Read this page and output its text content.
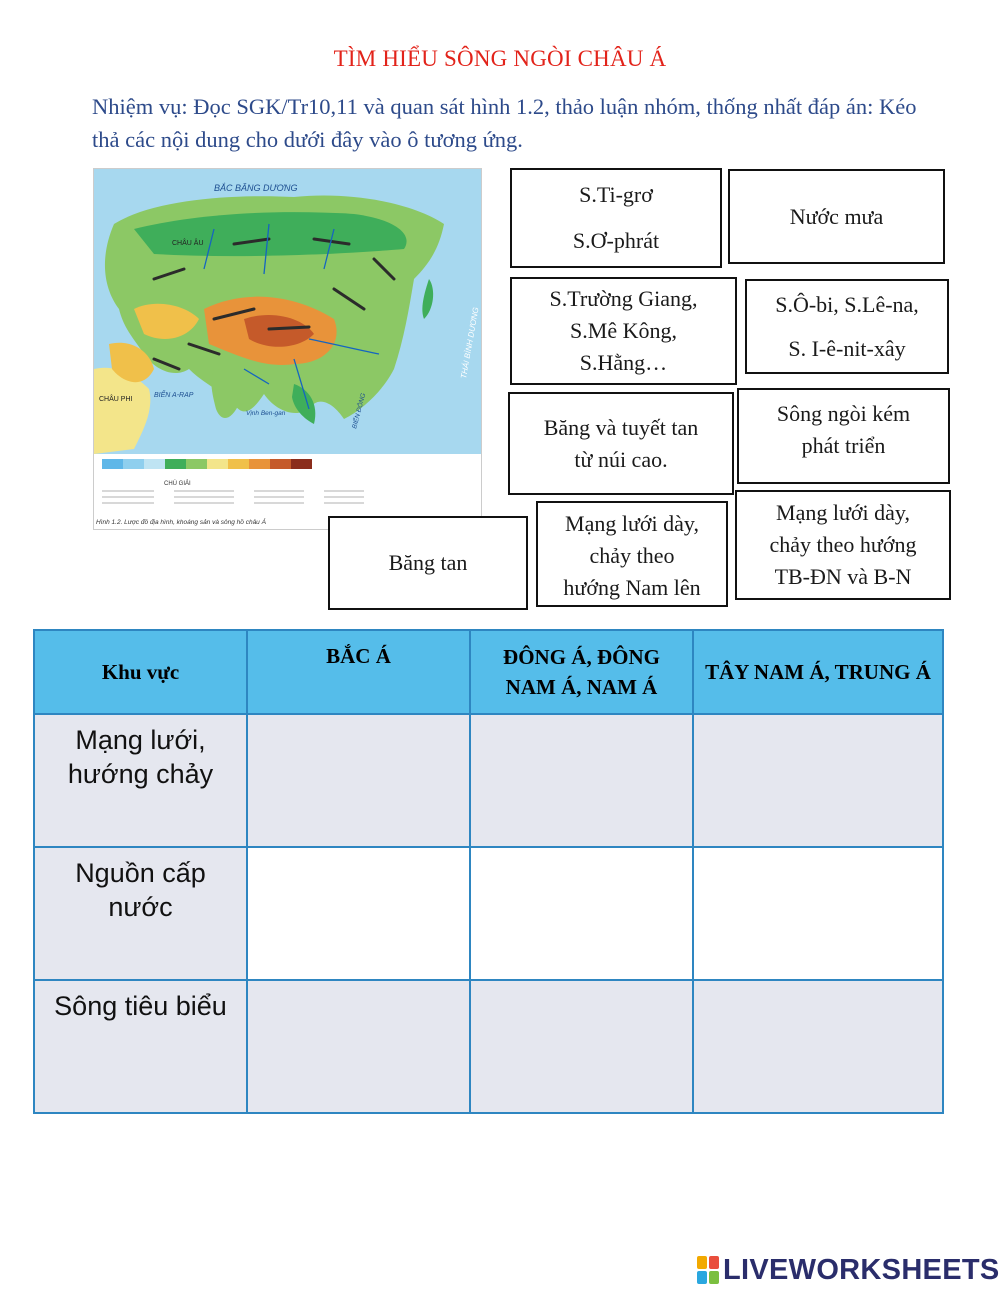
TÌM HIỂU SÔNG NGÒI CHÂU Á
Nhiệm vụ: Đọc SGK/Tr10,11 và quan sát hình 1.2, thảo luận nhóm, thống nhất đáp án: Kéo thả các nội dung cho dưới đây vào ô tương ứng.
BẮC BĂNG DƯƠNG
CHÂU ÂU
CHÂU PHI
BIỂN A-RAP
Vịnh Ben-gan	BIỂN ĐÔNG
THÁI BÌNH DƯƠNG
CHÚ GIẢI
Hình 1.2. Lược đồ địa hình, khoáng sản và sông hồ châu Á
S.Ti-grơ
S.Ơ-phrát
Nước mưa
S.Trường Giang,
S.Mê Kông,
S.Hằng…
S.Ô-bi, S.Lê-na,
S. I-ê-nit-xây
Băng và tuyết tan
từ núi cao.
Sông ngòi kém
phát triển
Mạng lưới dày,
chảy theo hướng
TB-ĐN và B-N
Mạng lưới dày,
chảy theo
hướng Nam lên
Băng tan
Khu vực	BẮC Á	ĐÔNG Á, ĐÔNG NAM Á, NAM Á	TÂY NAM Á, TRUNG Á
Mạng lưới, hướng chảy			
Nguồn cấp nước			
Sông tiêu biểu			
LIVEWORKSHEETS
